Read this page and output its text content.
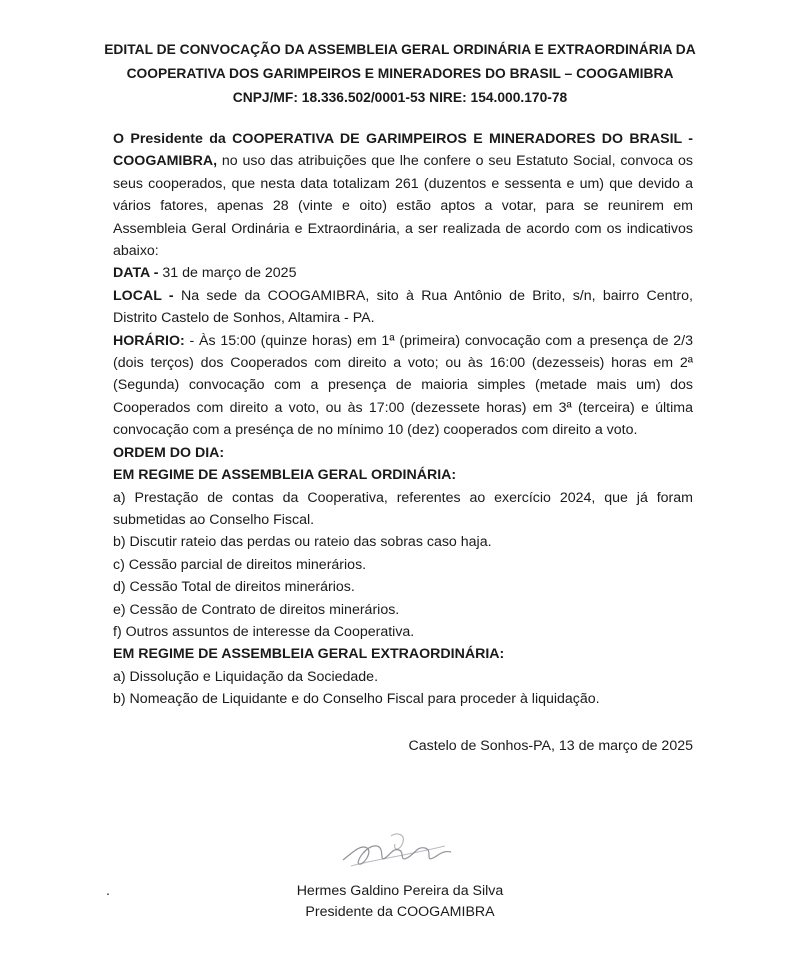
EDITAL DE CONVOCAÇÃO DA ASSEMBLEIA GERAL ORDINÁRIA E EXTRAORDINÁRIA DA
COOPERATIVA DOS GARIMPEIROS E MINERADORES DO BRASIL – COOGAMIBRA
CNPJ/MF: 18.336.502/0001-53 NIRE: 154.000.170-78

O Presidente da COOPERATIVA DE GARIMPEIROS E MINERADORES DO BRASIL - COOGAMIBRA, no uso das atribuições que lhe confere o seu Estatuto Social, convoca os seus cooperados, que nesta data totalizam 261 (duzentos e sessenta e um) que devido a vários fatores, apenas 28 (vinte e oito) estão aptos a votar, para se reunirem em Assembleia Geral Ordinária e Extraordinária, a ser realizada de acordo com os indicativos abaixo:

DATA - 31 de março de 2025

LOCAL - Na sede da COOGAMIBRA, sito à Rua Antônio de Brito, s/n, bairro Centro, Distrito Castelo de Sonhos, Altamira - PA.

HORÁRIO: - Às 15:00 (quinze horas) em 1ª (primeira) convocação com a presença de 2/3 (dois terços) dos Cooperados com direito a voto; ou às 16:00 (dezesseis) horas em 2ª (Segunda) convocação com a presença de maioria simples (metade mais um) dos Cooperados com direito a voto, ou às 17:00 (dezessete horas) em 3ª (terceira) e última convocação com a presénça de no mínimo 10 (dez) cooperados com direito a voto.

ORDEM DO DIA:

EM REGIME DE ASSEMBLEIA GERAL ORDINÁRIA:

a) Prestação de contas da Cooperativa, referentes ao exercício 2024, que já foram submetidas ao Conselho Fiscal.

b) Discutir rateio das perdas ou rateio das sobras caso haja.

c) Cessão parcial de direitos minerários.

d) Cessão Total de direitos minerários.

e) Cessão de Contrato de direitos minerários.

f) Outros assuntos de interesse da Cooperativa.

EM REGIME DE ASSEMBLEIA GERAL EXTRAORDINÁRIA:

a) Dissolução e Liquidação da Sociedade.

b) Nomeação de Liquidante e do Conselho Fiscal para proceder à liquidação.

Castelo de Sonhos-PA, 13 de março de 2025
.	Hermes Galdino Pereira da Silva
Presidente da COOGAMIBRA
